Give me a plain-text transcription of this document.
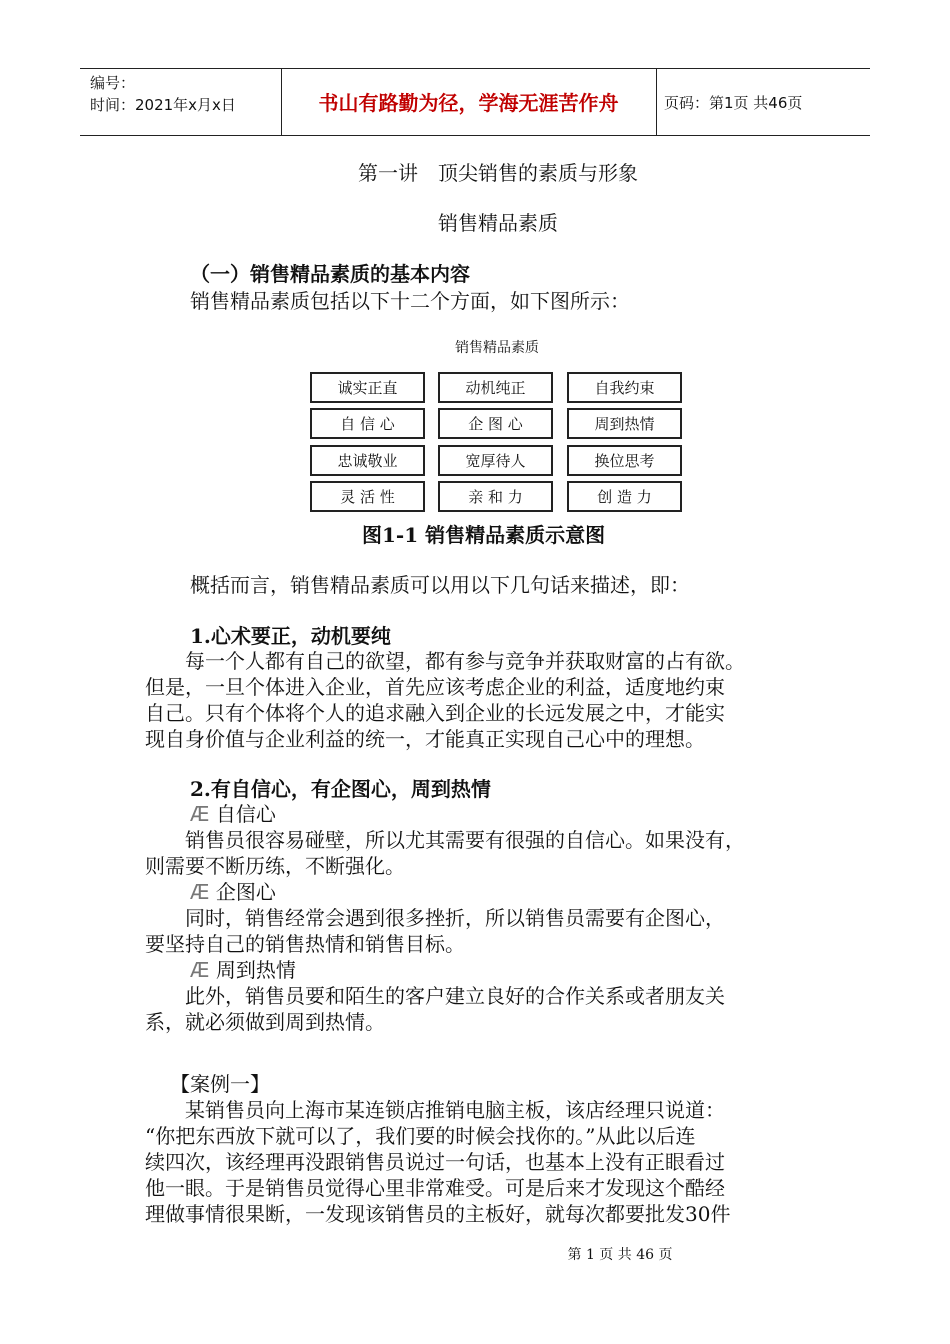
编号：
时间：2021年x月x日	书山有路勤为径，学海无涯苦作舟	页码：第1页 共46页
第一讲　顶尖销售的素质与形象
销售精品素质
（一）销售精品素质的基本内容
销售精品素质包括以下十二个方面，如下图所示：
销售精品素质
诚实正直	动机纯正	自我约束
自 信 心	企 图 心	周到热情
忠诚敬业	宽厚待人	换位思考
灵 活 性	亲 和 力	创 造 力
图1-1 销售精品素质示意图
概括而言，销售精品素质可以用以下几句话来描述，即：
1.心术要正，动机要纯
　　每一个人都有自己的欲望，都有参与竞争并获取财富的占有欲。
但是，一旦个体进入企业，首先应该考虑企业的利益，适度地约束
自己。只有个体将个人的追求融入到企业的长远发展之中，才能实
现自身价值与企业利益的统一，才能真正实现自己心中的理想。
2.有自信心，有企图心，周到热情
Æ 自信心
　　销售员很容易碰壁，所以尤其需要有很强的自信心。如果没有，
则需要不断历练，不断强化。
Æ 企图心
　　同时，销售经常会遇到很多挫折，所以销售员需要有企图心，
要坚持自己的销售热情和销售目标。
Æ 周到热情
　　此外，销售员要和陌生的客户建立良好的合作关系或者朋友关
系，就必须做到周到热情。
　【案例一】
　　某销售员向上海市某连锁店推销电脑主板，该店经理只说道：
“你把东西放下就可以了，我们要的时候会找你的。”从此以后连
续四次，该经理再没跟销售员说过一句话，也基本上没有正眼看过
他一眼。于是销售员觉得心里非常难受。可是后来才发现这个酷经
理做事情很果断，一发现该销售员的主板好，就每次都要批发30件
第 1 页 共 46 页
